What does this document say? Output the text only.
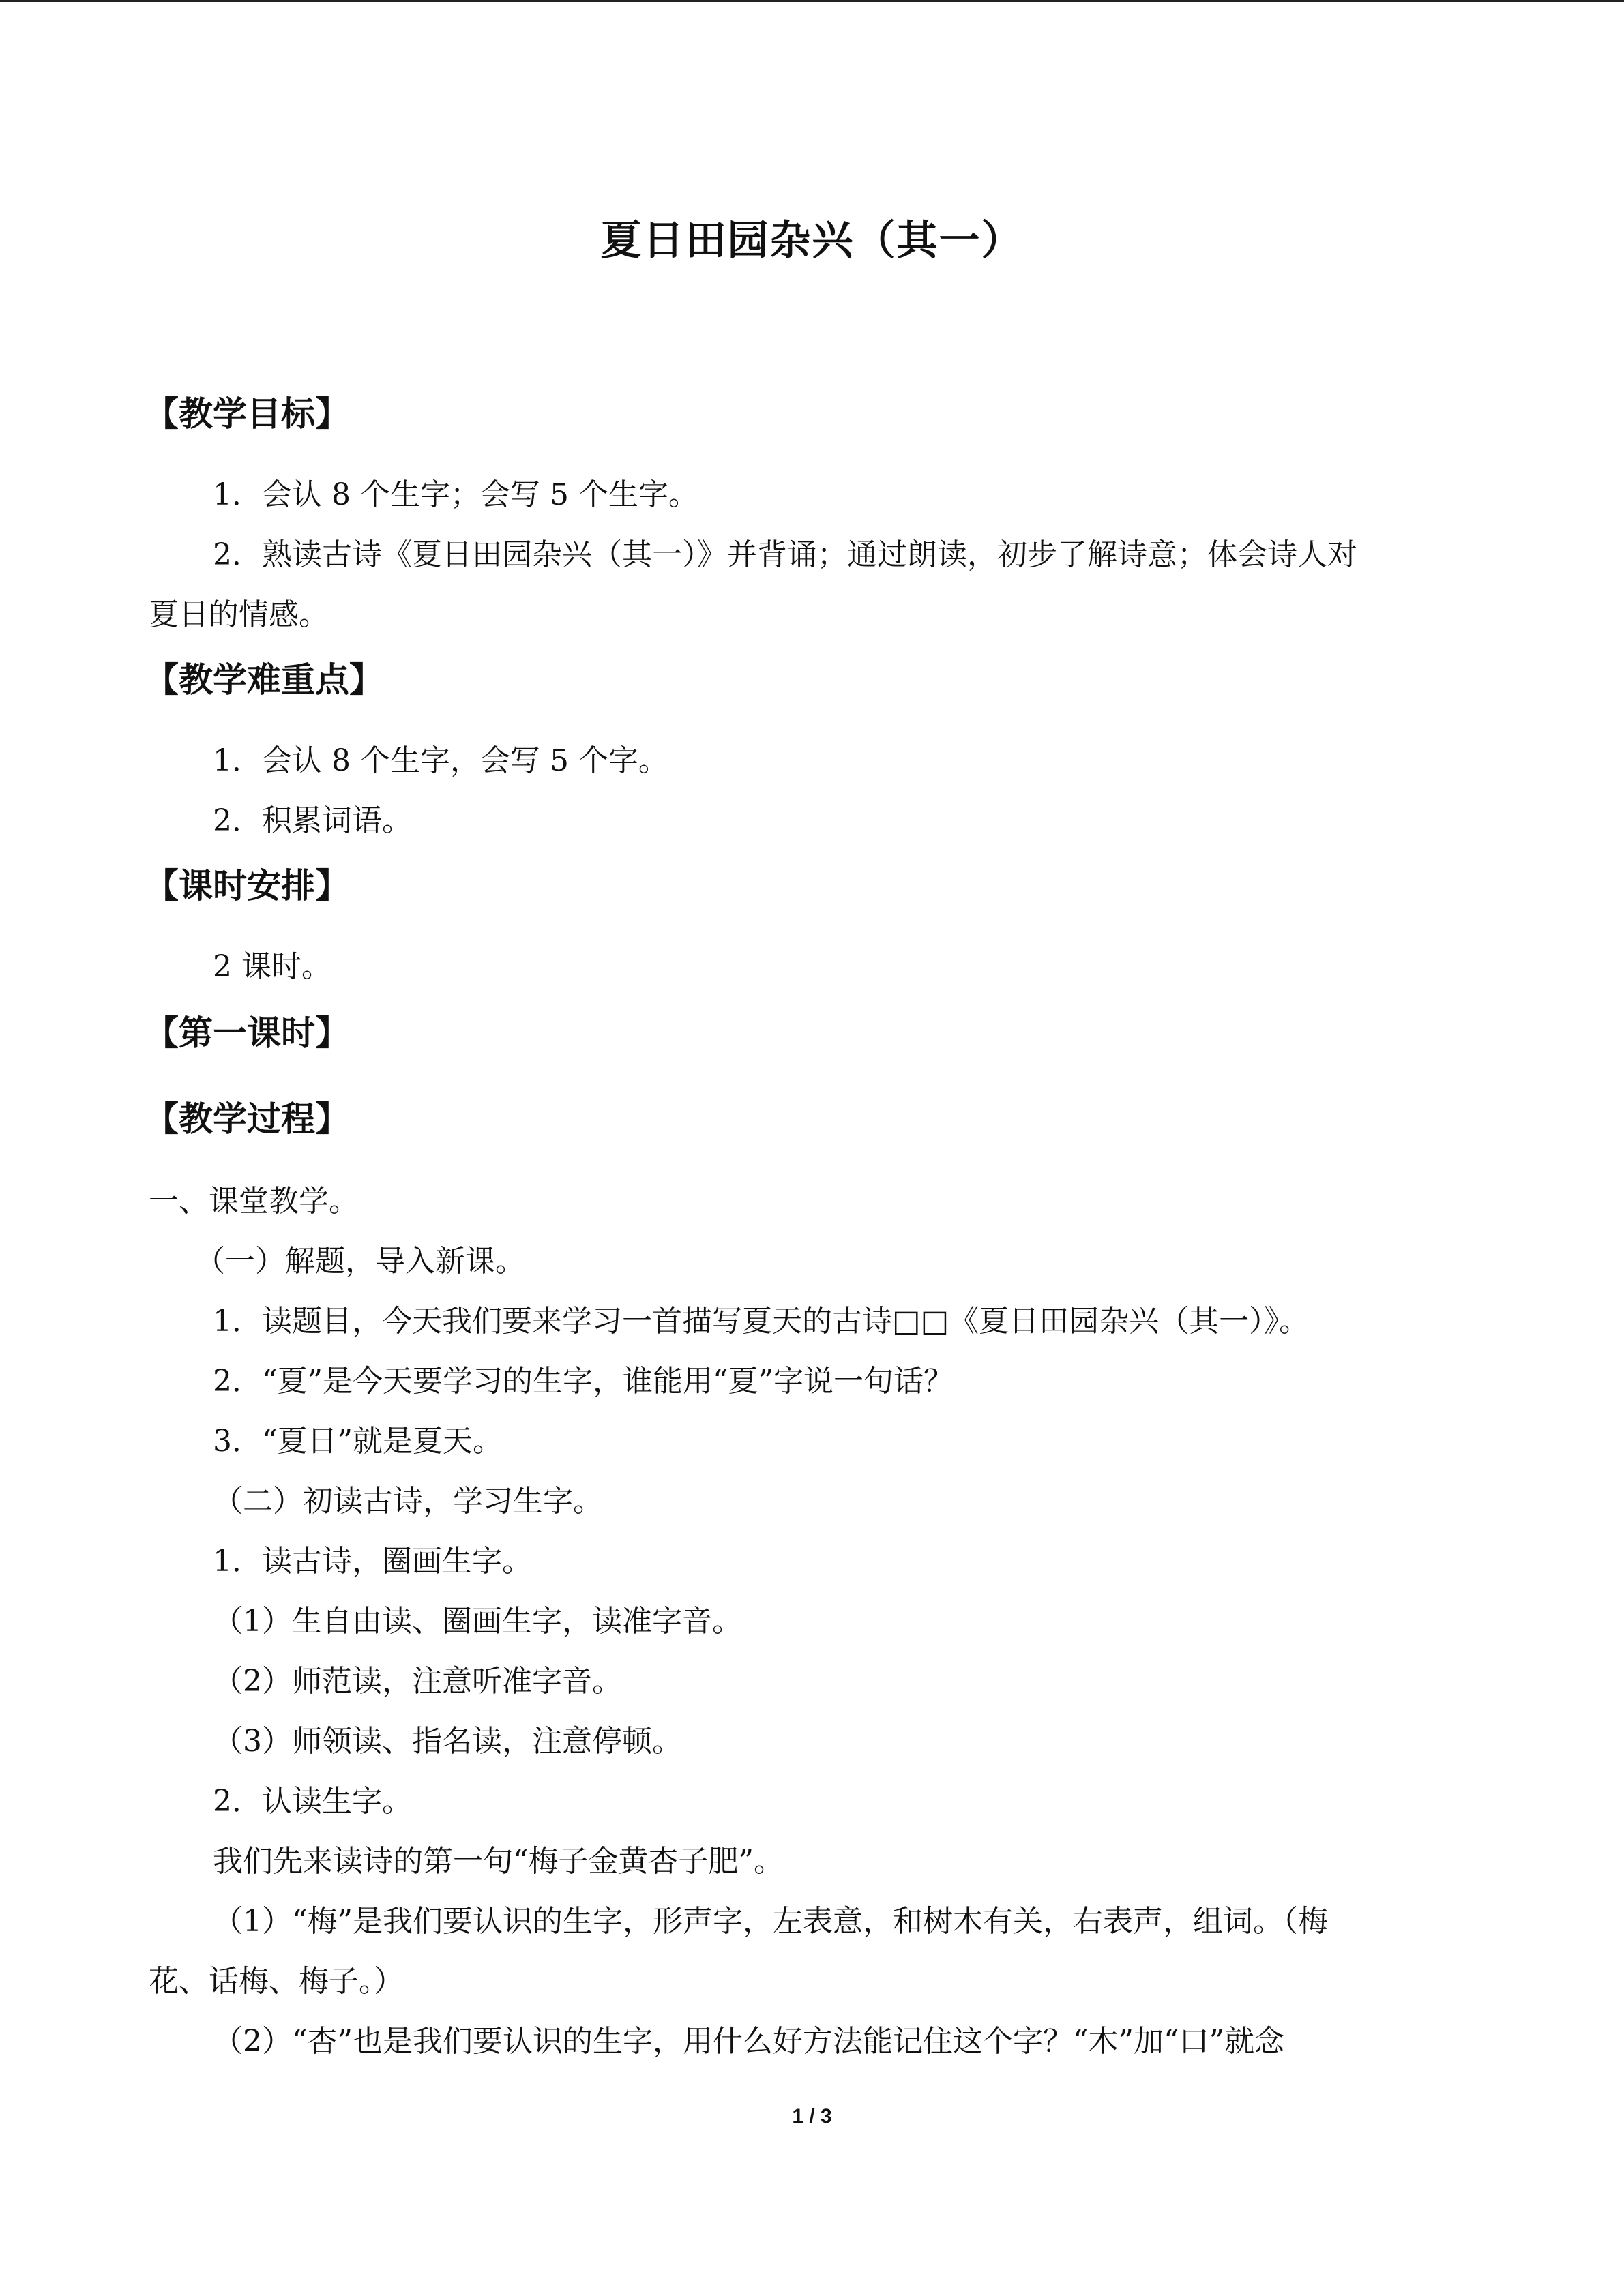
夏日田园杂兴（其一）
【教学目标】
1．会认 8 个生字；会写 5 个生字。
2．熟读古诗《夏日田园杂兴（其一）》并背诵；通过朗读，初步了解诗意；体会诗人对
夏日的情感。
【教学难重点】
1．会认 8 个生字，会写 5 个字。
2．积累词语。
【课时安排】
2 课时。
【第一课时】
【教学过程】
一、课堂教学。
（一）解题，导入新课。
1．读题目，今天我们要来学习一首描写夏天的古诗□□《夏日田园杂兴（其一）》。
2．“夏”是今天要学习的生字，谁能用“夏”字说一句话？
3．“夏日”就是夏天。
（二）初读古诗，学习生字。
1．读古诗，圈画生字。
（1）生自由读、圈画生字，读准字音。
（2）师范读，注意听准字音。
（3）师领读、指名读，注意停顿。
2．认读生字。
我们先来读诗的第一句“梅子金黄杏子肥”。
（1）“梅”是我们要认识的生字，形声字，左表意，和树木有关，右表声，组词。（梅
花、话梅、梅子。）
（2）“杏”也是我们要认识的生字，用什么好方法能记住这个字？“木”加“口”就念
1 / 3
